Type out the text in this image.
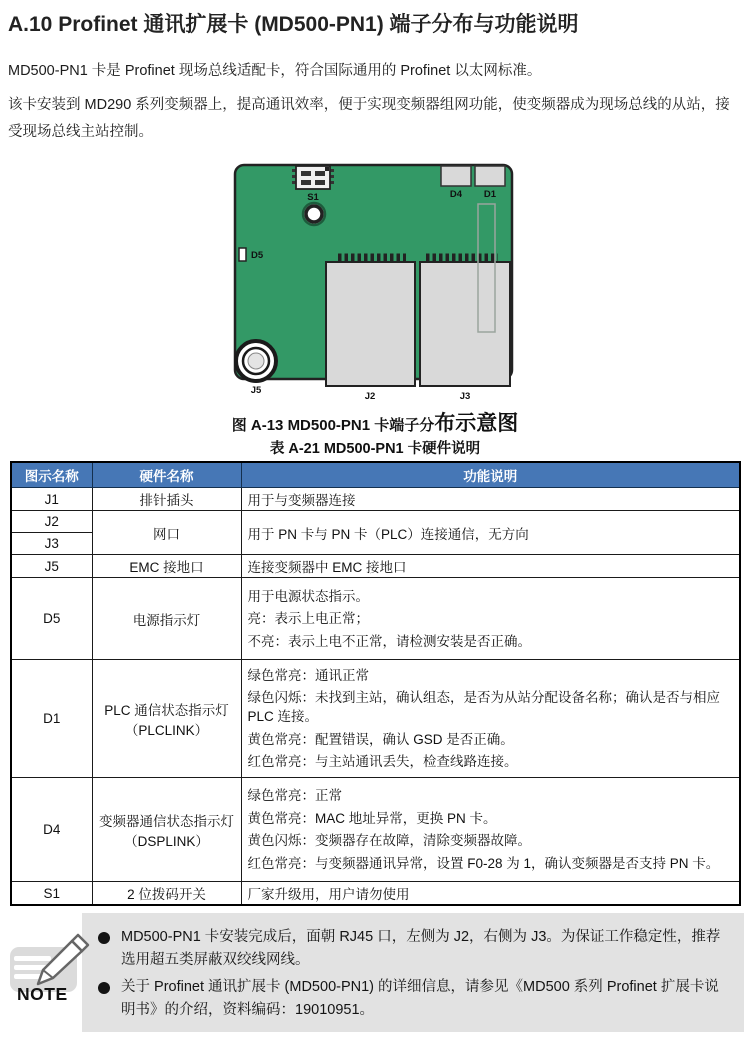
A.10 Profinet 通讯扩展卡 (MD500-PN1) 端子分布与功能说明

MD500-PN1 卡是 Profinet 现场总线适配卡，符合国际通用的 Profinet 以太网标准。

该卡安装到 MD290 系列变频器上，提高通讯效率，便于实现变频器组网功能，使变频器成为现场总线的从站，接受现场总线主站控制。

S1	D4 D1
D5
J5
J2	J3
图 A-13 MD500-PN1 卡端子分布示意图
表 A-21 MD500-PN1 卡硬件说明
图示名称	硬件名称	功能说明
J1	排针插头	用于与变频器连接
J2	网口	用于 PN 卡与 PN 卡（PLC）连接通信，无方向
J3		
J5	EMC 接地口	连接变频器中 EMC 接地口
D5	电源指示灯	用于电源状态指示。
亮：表示上电正常；
不亮：表示上电不正常，请检测安装是否正确。

D1	PLC 通信状态指示灯（PLCLINK）	绿色常亮：通讯正常
绿色闪烁：未找到主站，确认组态，是否为从站分配设备名称；确认是否与相应 PLC 连接。
黄色常亮：配置错误，确认 GSD 是否正确。
红色常亮：与主站通讯丢失，检查线路连接。

D4	变频器通信状态指示灯（DSPLINK）	绿色常亮：正常
黄色常亮：MAC 地址异常，更换 PN 卡。
黄色闪烁：变频器存在故障，清除变频器故障。
红色常亮：与变频器通讯异常，设置 F0-28 为 1，确认变频器是否支持 PN 卡。

S1	2 位拨码开关	厂家升级用，用户请勿使用
MD500-PN1 卡安装完成后，面朝 RJ45 口，左侧为 J2，右侧为 J3。为保证工作稳定性，推荐选用超五类屏蔽双绞线网线。
关于 Profinet 通讯扩展卡 (MD500-PN1) 的详细信息，请参见《MD500 系列 Profinet 扩展卡说明书》的介绍，资料编码：19010951。
NOTE
